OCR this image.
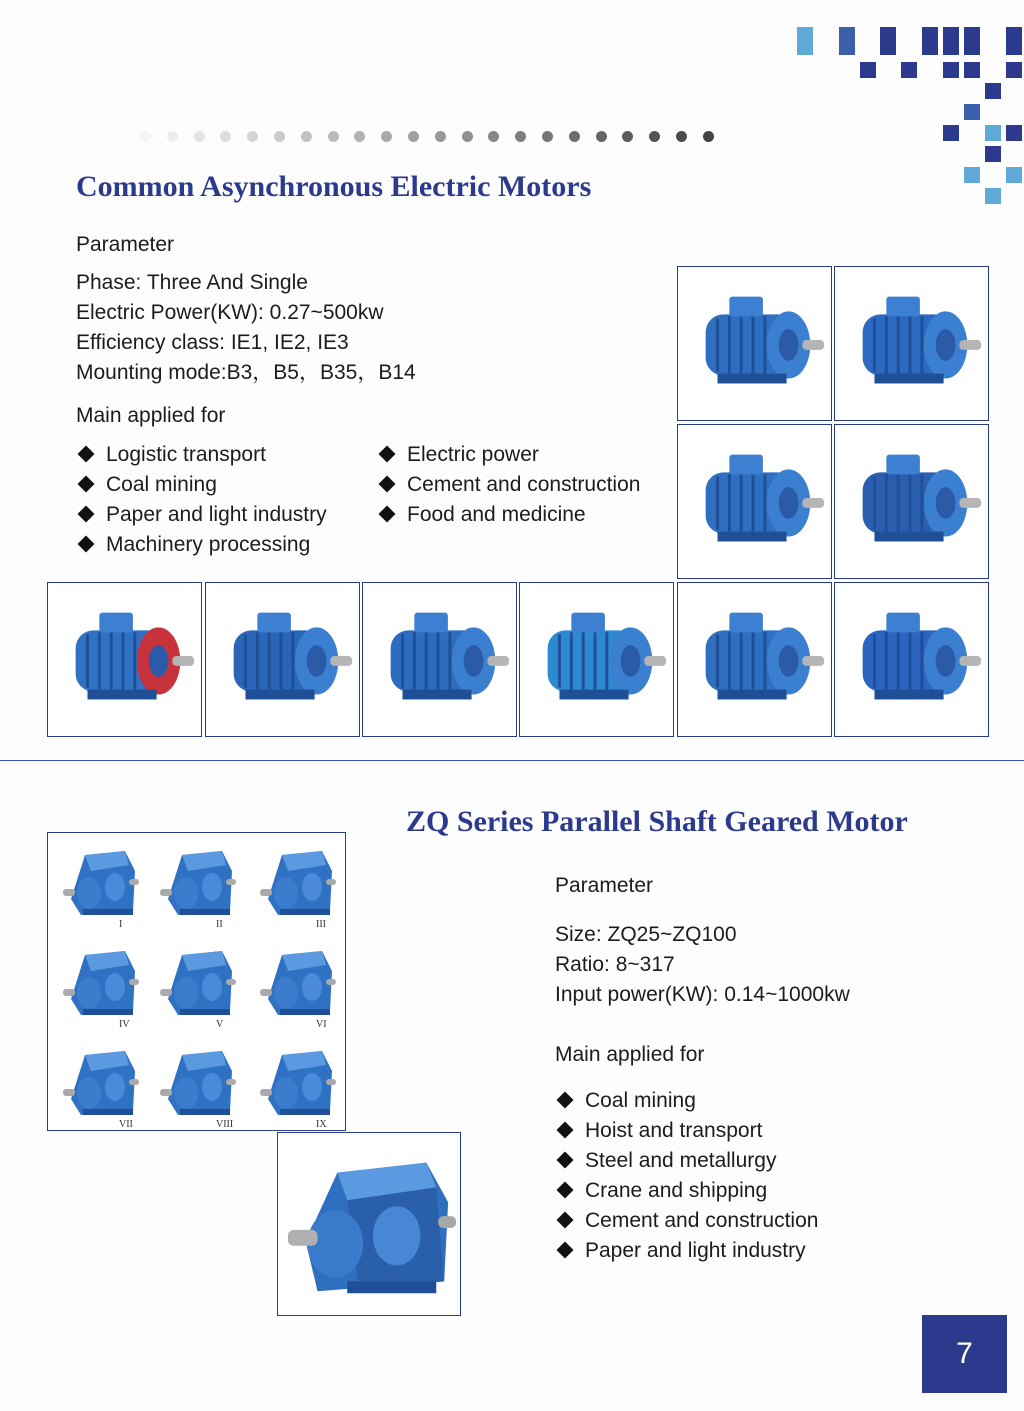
Common Asynchronous Electric Motors
Parameter
Phase: Three And Single
Electric Power(KW): 0.27~500kw
Efficiency class: IE1, IE2, IE3
Mounting mode:B3，B5，B35，B14
Main applied for
Logistic transport
Coal mining
Paper and light industry
Machinery processing
Electric power
Cement and construction
Food and medicine
ZQ Series Parallel Shaft Geared Motor
I	II	III
IV	V	VI
VII	VIII	IX
Parameter
Size: ZQ25~ZQ100
Ratio: 8~317
Input power(KW): 0.14~1000kw
Main applied for
Coal mining
Hoist and transport
Steel and metallurgy
Crane and shipping
Cement and construction
Paper and light industry
7
